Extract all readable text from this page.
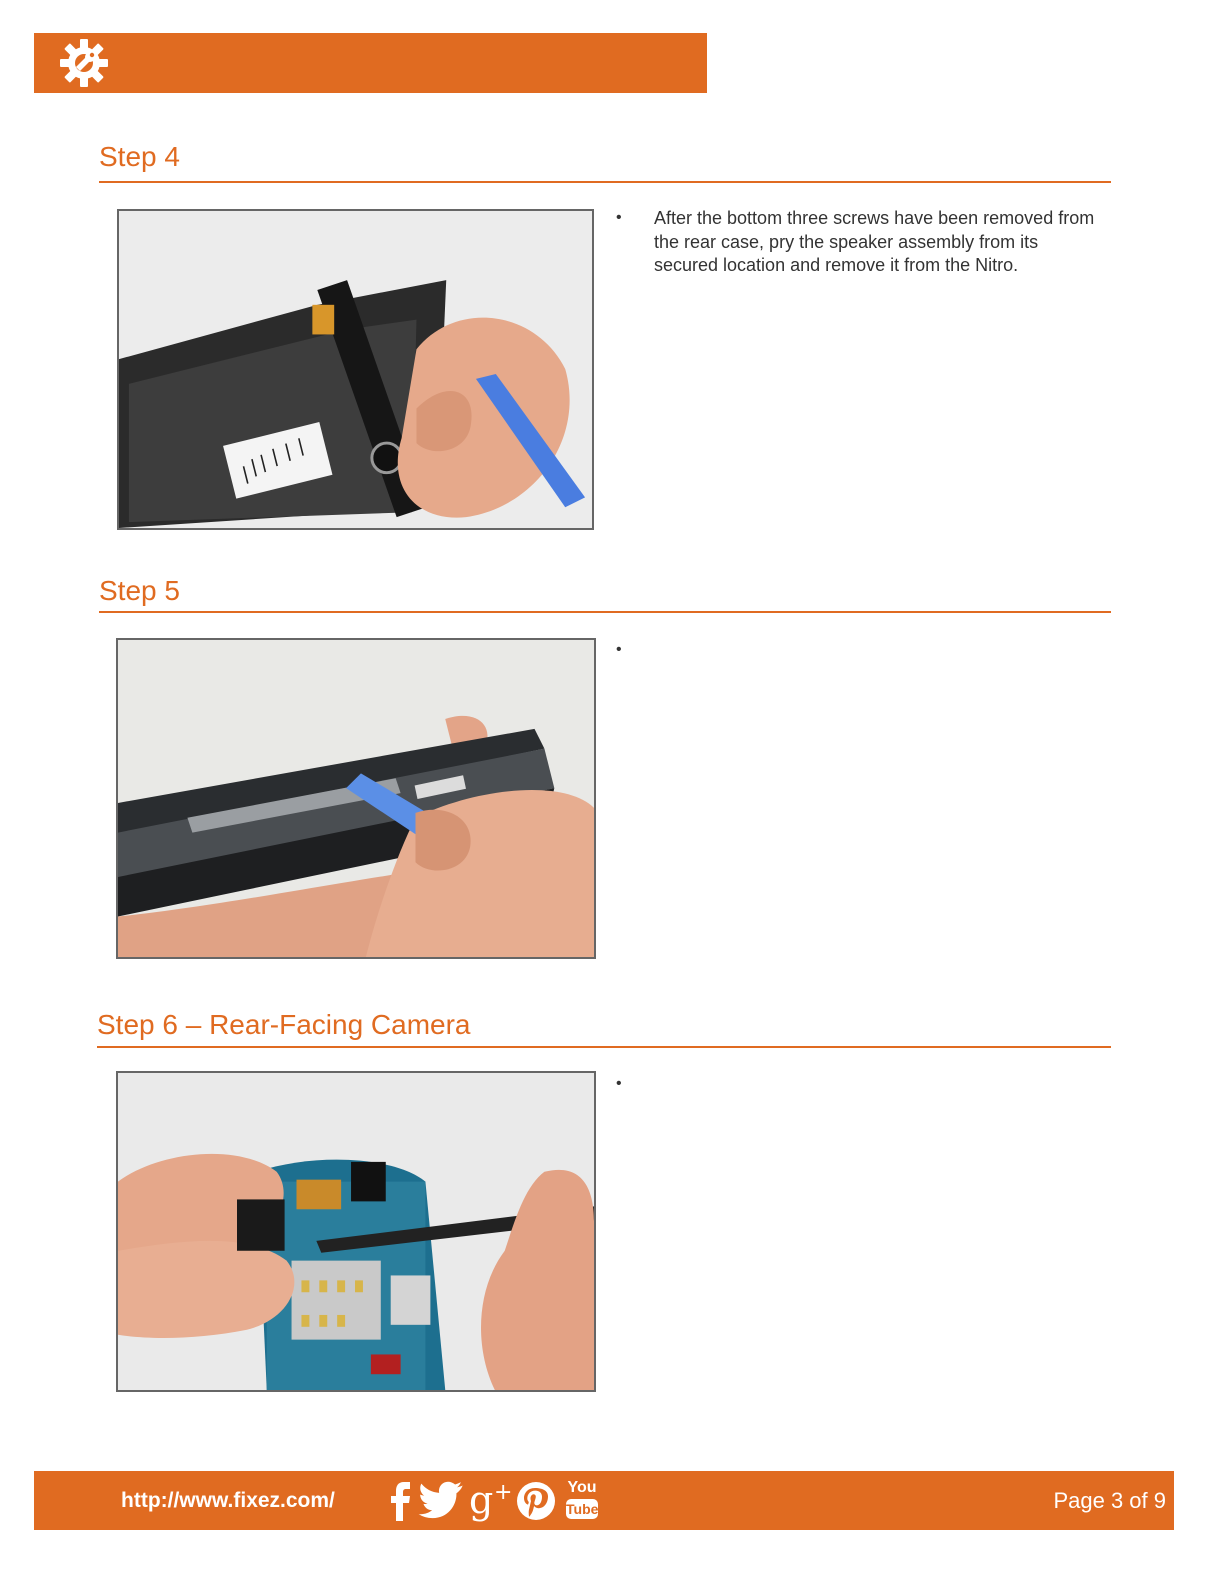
Step 4
• After the bottom three screws have been removed from the rear case, pry the speaker assembly from its secured location and remove it from the Nitro.

Step 5
•

Step 6 – Rear-Facing Camera
•

http://www.fixez.com/	g +	You
Tube	Page 3 of 9
